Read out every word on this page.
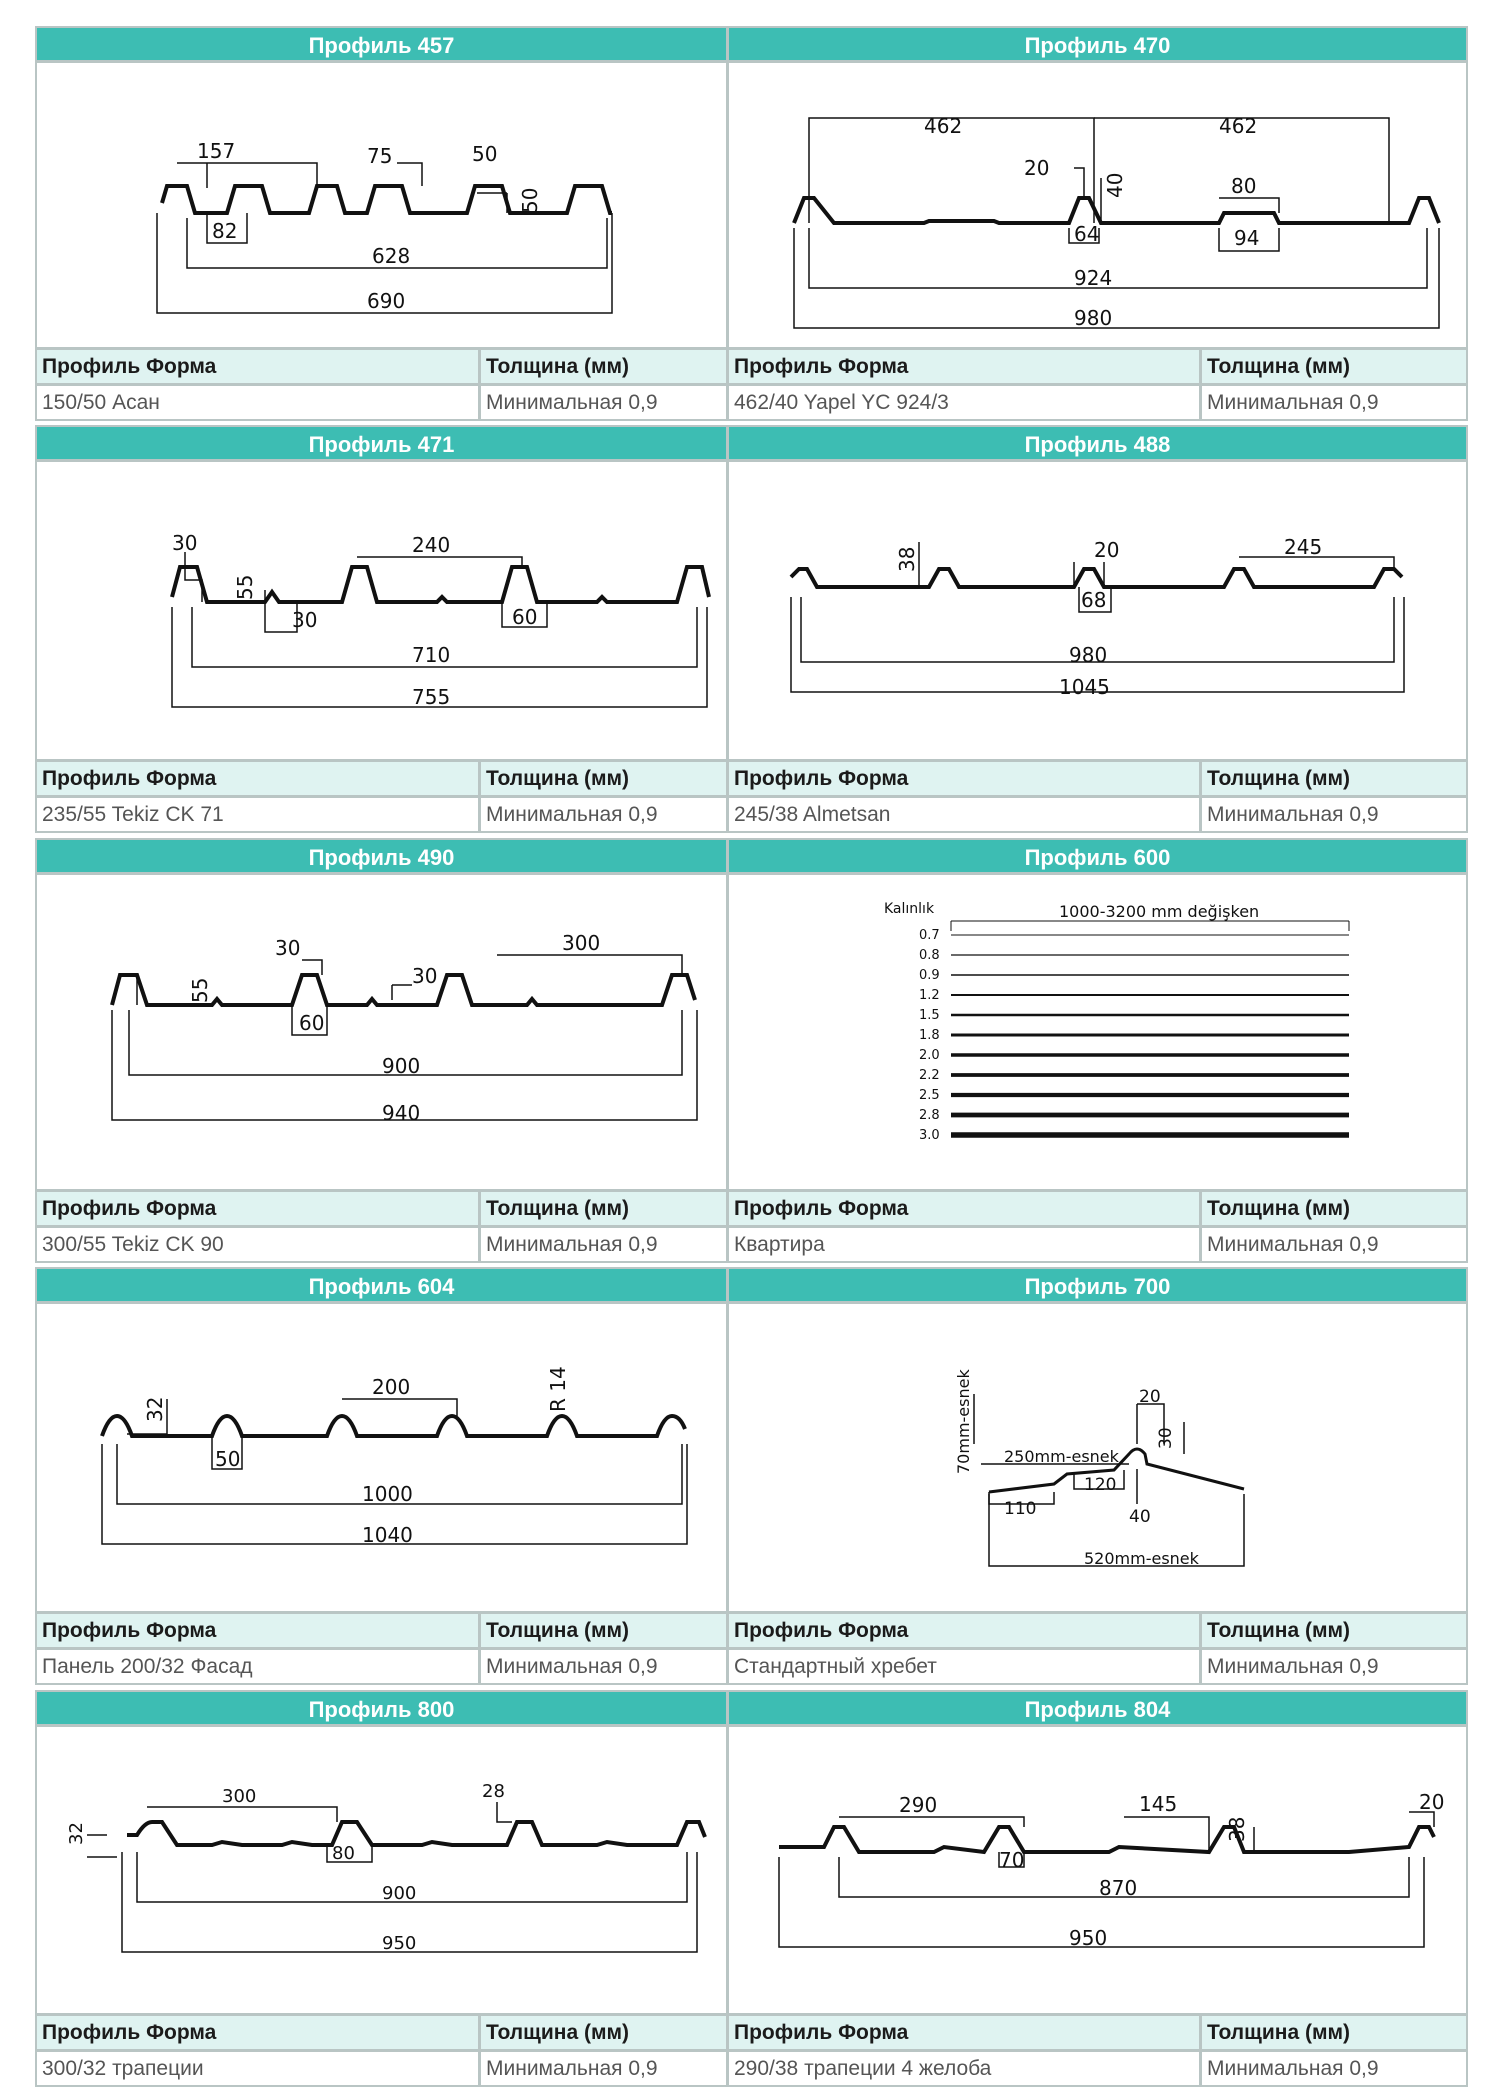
Профиль 457	Профиль 470
157	75	50
50
82
628
690
462	462
20
40	80
64	94
924
980
Профиль Форма	Толщина (мм)	Профиль Форма	Толщина (мм)
150/50 Асан	Минимальная 0,9	462/40 Yapel YC 924/3	Минимальная 0,9
Профиль 471	Профиль 488
30	240
55
30	60
710
755
38	20	245
68
980
1045
Профиль Форма	Толщина (мм)	Профиль Форма	Толщина (мм)
235/55 Tekiz CK 71	Минимальная 0,9	245/38 Almetsan	Минимальная 0,9
Профиль 490	Профиль 600
30	300
55
30
60
900
940
Kalınlık	1000-3200 mm değişken
0.7
0.8
0.9
1.2
1.5
1.8
2.0
2.2
2.5
2.8
3.0
Профиль Форма	Толщина (мм)	Профиль Форма	Толщина (мм)
300/55 Tekiz CK 90	Минимальная 0,9	Квартира	Минимальная 0,9
Профиль 604	Профиль 700
32
200	R 14
50
1000
1040
70mm-esnek	20
30
250mm-esnek
120
110	40
520mm-esnek
Профиль Форма	Толщина (мм)	Профиль Форма	Толщина (мм)
Панель 200/32 Фасад	Минимальная 0,9	Стандартный хребет	Минимальная 0,9
Профиль 800	Профиль 804
32
300	28
80
900
950
290	145
38
20
70
870
950
Профиль Форма	Толщина (мм)	Профиль Форма	Толщина (мм)
300/32 трапеции	Минимальная 0,9	290/38 трапеции 4 желоба	Минимальная 0,9
